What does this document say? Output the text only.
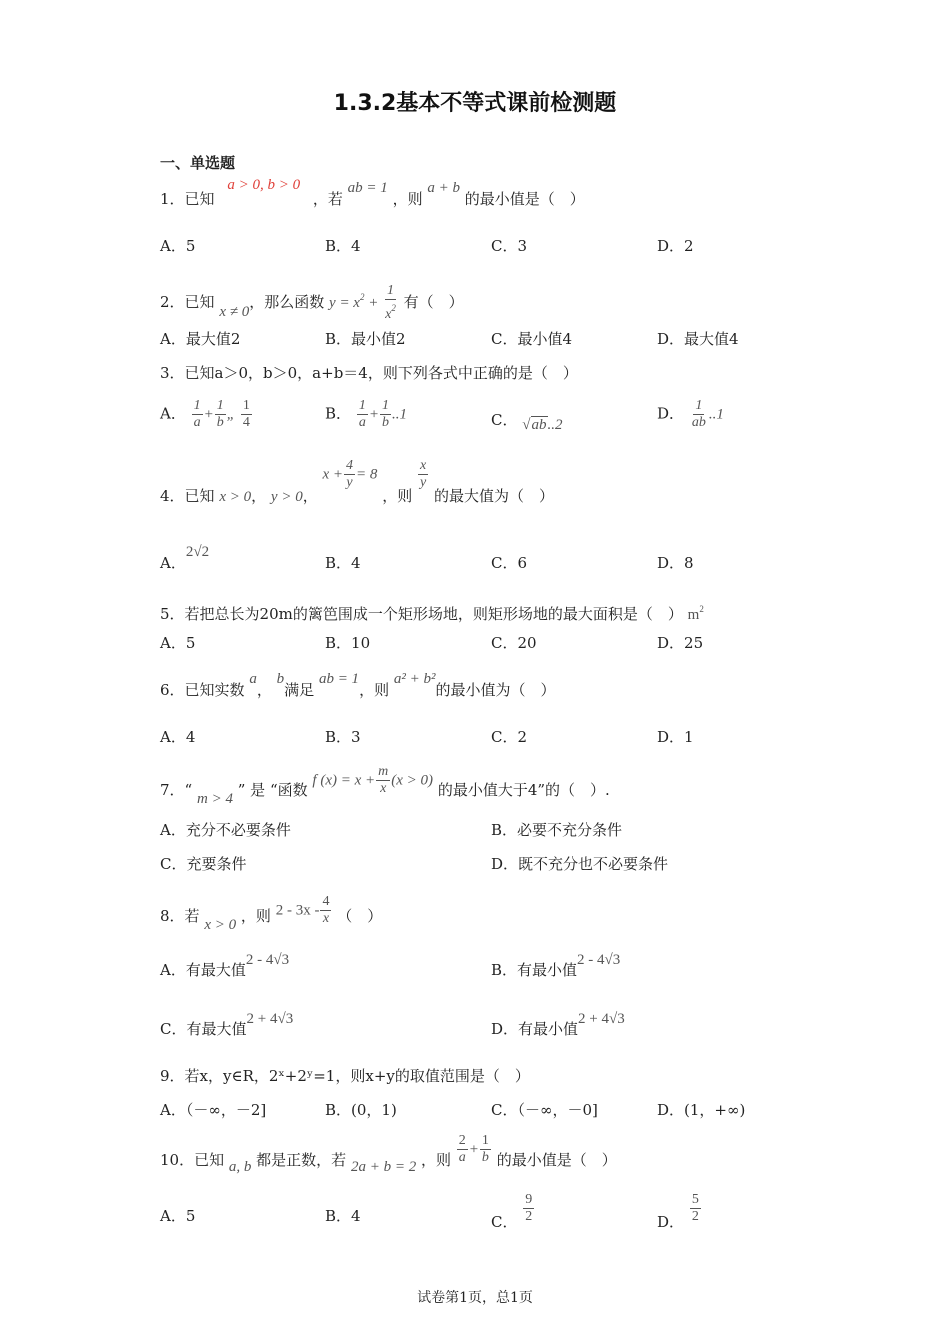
1.3.2基本不等式课前检测题
一、单选题
1．已知 a > 0, b > 0 ，若 ab = 1 ，则 a + b 的最小值是（　）
A．5	B．4	C．3	D．2
2．已知 x ≠ 0，那么函数 $y = x^2 + \frac{1}{x^2}$ 有（　）
A．最大值2	B．最小值2	C．最小值4	D．最大值4
3．已知a＞0，b＞0，a+b＝4，则下列各式中正确的是（　）
A． $\frac{1}{a} + \frac{1}{b}$ „ $\frac{1}{4}$	B． $\frac{1}{a} + \frac{1}{b} ..1$	C． √ab..2
D． $\frac{1}{ab} ..1$
4．已知 x > 0， y > 0， $x + \frac{4}{y} = 8$ ，则
$\frac{x}{y}$
的最大值为（　）
A．2√2
B．4	C．6	D．8
5．若把总长为20m的篱笆围成一个矩形场地，则矩形场地的最大面积是（　） $m^2$
A．5	B．10	C．20	D．25
6．已知实数 a， b满足 ab = 1，则 a² + b²的最小值为（　）
A．4	B．3	C．2	D．1
7．“ m > 4 ” 是 “函数 f $(x) = x + \frac{m}{x} (x > 0)$ 的最小值大于4”的（　）.
A．充分不必要条件	B．必要不充分条件
C．充要条件	D．既不充分也不必要条件
8．若 x > 0 ，则 $2 - 3x - \frac{4}{x}$ （　）
A．有最大值2 - 4√3
B．有最小值2 - 4√3
C．有最大值2 + 4√3
D．有最小值2 + 4√3
9．若x，y∈R，2ˣ+2ʸ=1，则x+y的取值范围是（　）
A．（－∞，－2]	B．(0，1)	C．（－∞，－0]	D．(1，+∞)
10．已知 a, b 都是正数，若 2a + b = 2 ，则 $\frac{2}{a} + \frac{1}{b}$ 的最小值是（　）
A．5	B．4	C． $\frac{9}{2}$	D． $\frac{5}{2}$
试卷第1页，总1页
